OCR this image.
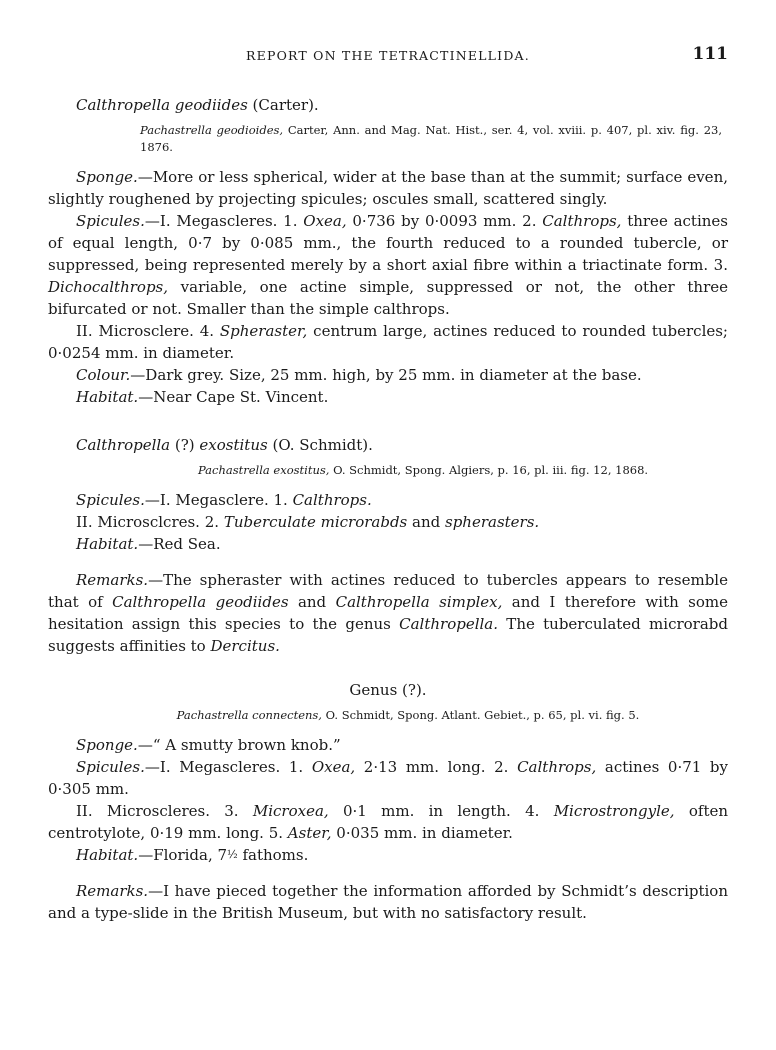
REPORT ON THE TETRACTINELLIDA.	111

Calthropella geodiides (Carter).

Pachastrella geodioides, Carter, Ann. and Mag. Nat. Hist., ser. 4, vol. xviii. p. 407, pl. xiv. fig. 23, 1876.

Sponge.—More or less spherical, wider at the base than at the summit; surface even, slightly roughened by projecting spicules; oscules small, scattered singly.

Spicules.—I. Megascleres. 1. Oxea, 0·736 by 0·0093 mm. 2. Calthrops, three actines of equal length, 0·7 by 0·085 mm., the fourth reduced to a rounded tubercle, or suppressed, being represented merely by a short axial fibre within a triactinate form. 3. Dichocalthrops, variable, one actine simple, suppressed or not, the other three bifurcated or not. Smaller than the simple calthrops.

II. Microsclere. 4. Spheraster, centrum large, actines reduced to rounded tubercles; 0·0254 mm. in diameter.

Colour.—Dark grey. Size, 25 mm. high, by 25 mm. in diameter at the base.

Habitat.—Near Cape St. Vincent.

Calthropella (?) exostitus (O. Schmidt).

Pachastrella exostitus, O. Schmidt, Spong. Algiers, p. 16, pl. iii. fig. 12, 1868.

Spicules.—I. Megasclere. 1. Calthrops.

II. Microsclcres. 2. Tuberculate microrabds and spherasters.

Habitat.—Red Sea.

Remarks.—The spheraster with actines reduced to tubercles appears to resemble that of Calthropella geodiides and Calthropella simplex, and I therefore with some hesitation assign this species to the genus Calthropella. The tuberculated microrabd suggests affinities to Dercitus.

Genus (?).

Pachastrella connectens, O. Schmidt, Spong. Atlant. Gebiet., p. 65, pl. vi. fig. 5.

Sponge.—“ A smutty brown knob.”

Spicules.—I. Megascleres. 1. Oxea, 2·13 mm. long. 2. Calthrops, actines 0·71 by 0·305 mm.

II. Microscleres. 3. Microxea, 0·1 mm. in length. 4. Microstrongyle, often centrotylote, 0·19 mm. long. 5. Aster, 0·035 mm. in diameter.

Habitat.—Florida, 7½ fathoms.

Remarks.—I have pieced together the information afforded by Schmidt’s description and a type-slide in the British Museum, but with no satisfactory result.
